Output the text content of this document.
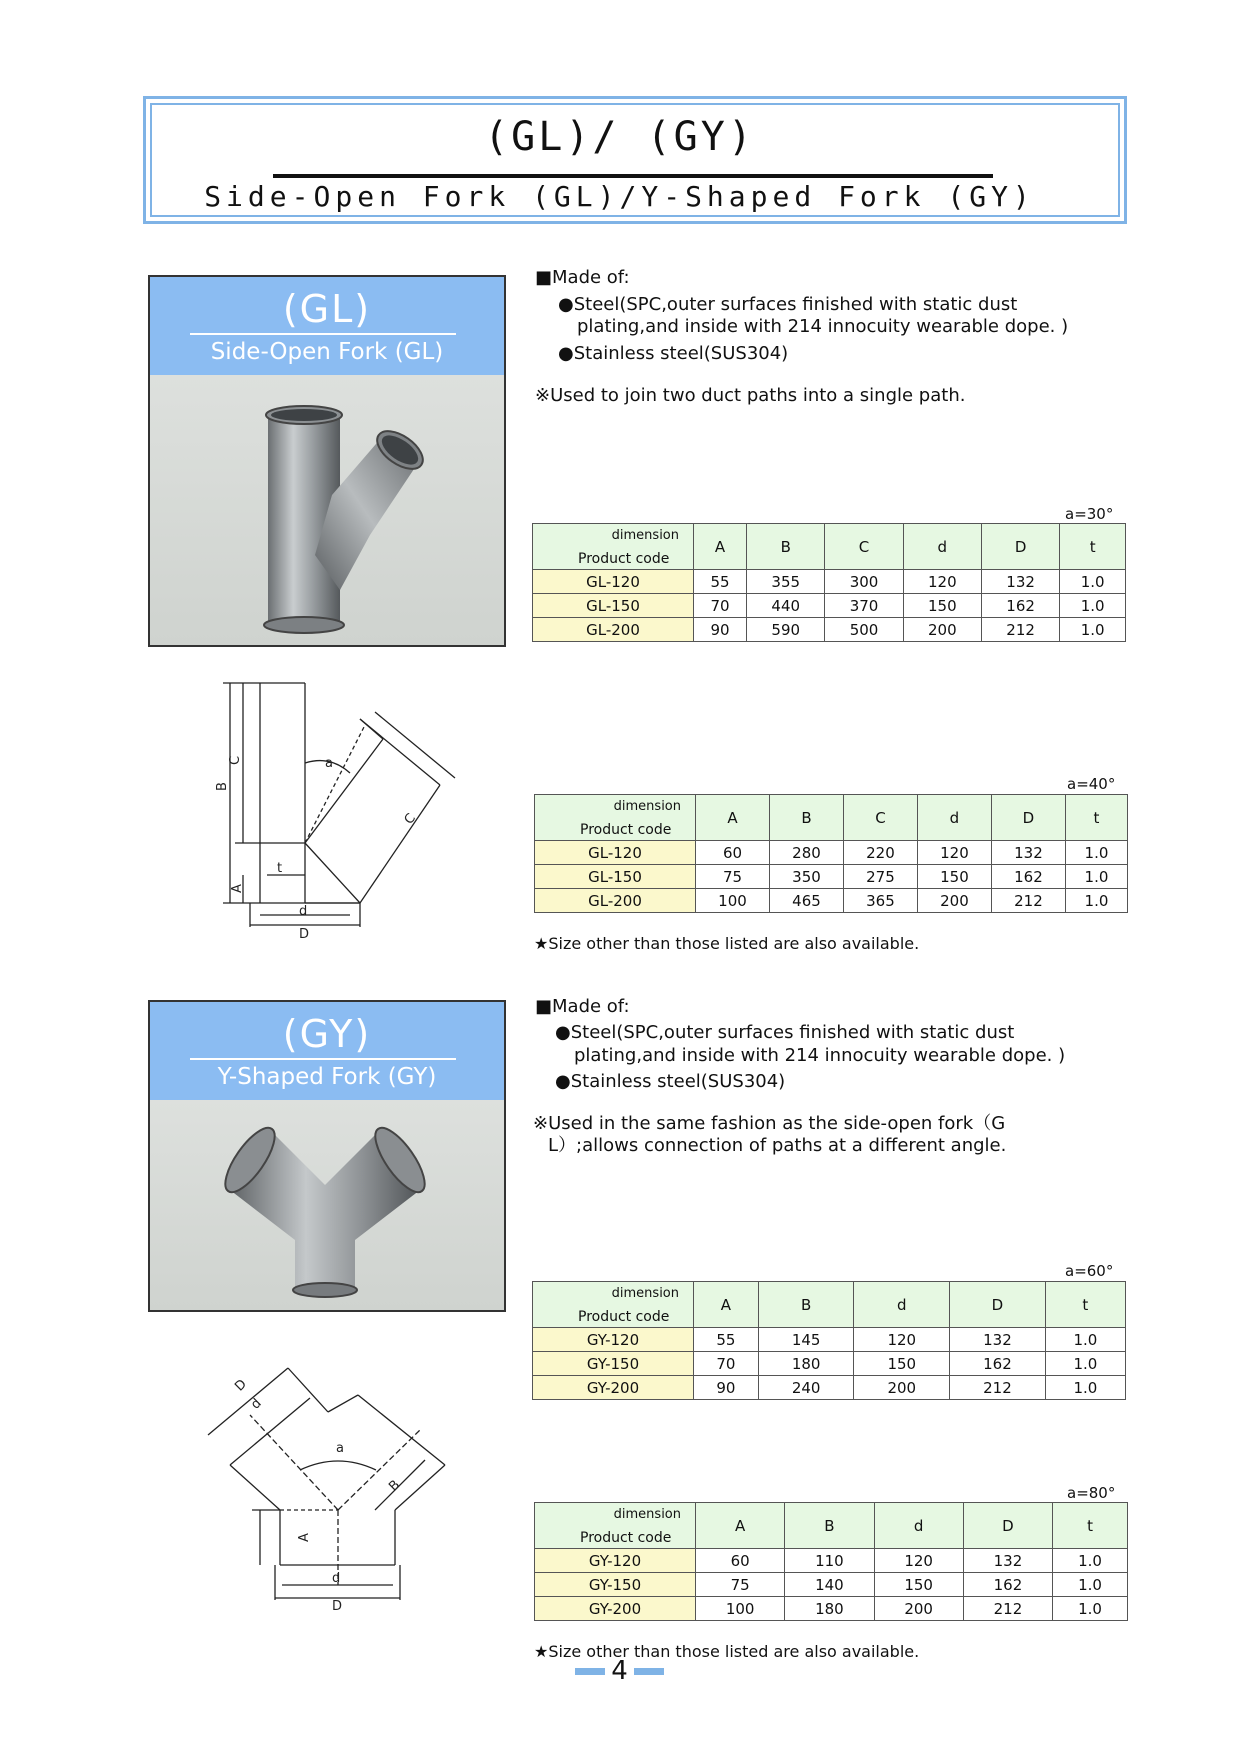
(GL)/ (GY)
Side-Open Fork (GL)/Y-Shaped Fork (GY)
(GL)
Side-Open Fork (GL)
■Made of:
●Steel(SPC,outer surfaces finished with static dust
plating,and inside with 214 innocuity wearable dope. )
●Stainless steel(SUS304)
※Used to join two duct paths into a single path.
a=30°
dimension
Product code	A	B	C	d	D	t
GL-120	55	355	300	120	132	1.0
GL-150	70	440	370	150	162	1.0
GL-200	90	590	500	200	212	1.0
B
C	a
C
A
t
d
D
a=40°
dimension
Product code	A	B	C	d	D	t
GL-120	60	280	220	120	132	1.0
GL-150	75	350	275	150	162	1.0
GL-200	100	465	365	200	212	1.0
★Size other than those listed are also available.
(GY)
Y-Shaped Fork (GY)
■Made of:
●Steel(SPC,outer surfaces finished with static dust
plating,and inside with 214 innocuity wearable dope. )
●Stainless steel(SUS304)
※Used in the same fashion as the side-open fork（G
L）;allows connection of paths at a different angle.
a=60°
dimension
Product code	A	B	d	D	t
GY-120	55	145	120	132	1.0
GY-150	70	180	150	162	1.0
GY-200	90	240	200	212	1.0
D
d
a
B
A
d
D
a=80°
dimension
Product code	A	B	d	D	t
GY-120	60	110	120	132	1.0
GY-150	75	140	150	162	1.0
GY-200	100	180	200	212	1.0
★Size other than those listed are also available.
4
